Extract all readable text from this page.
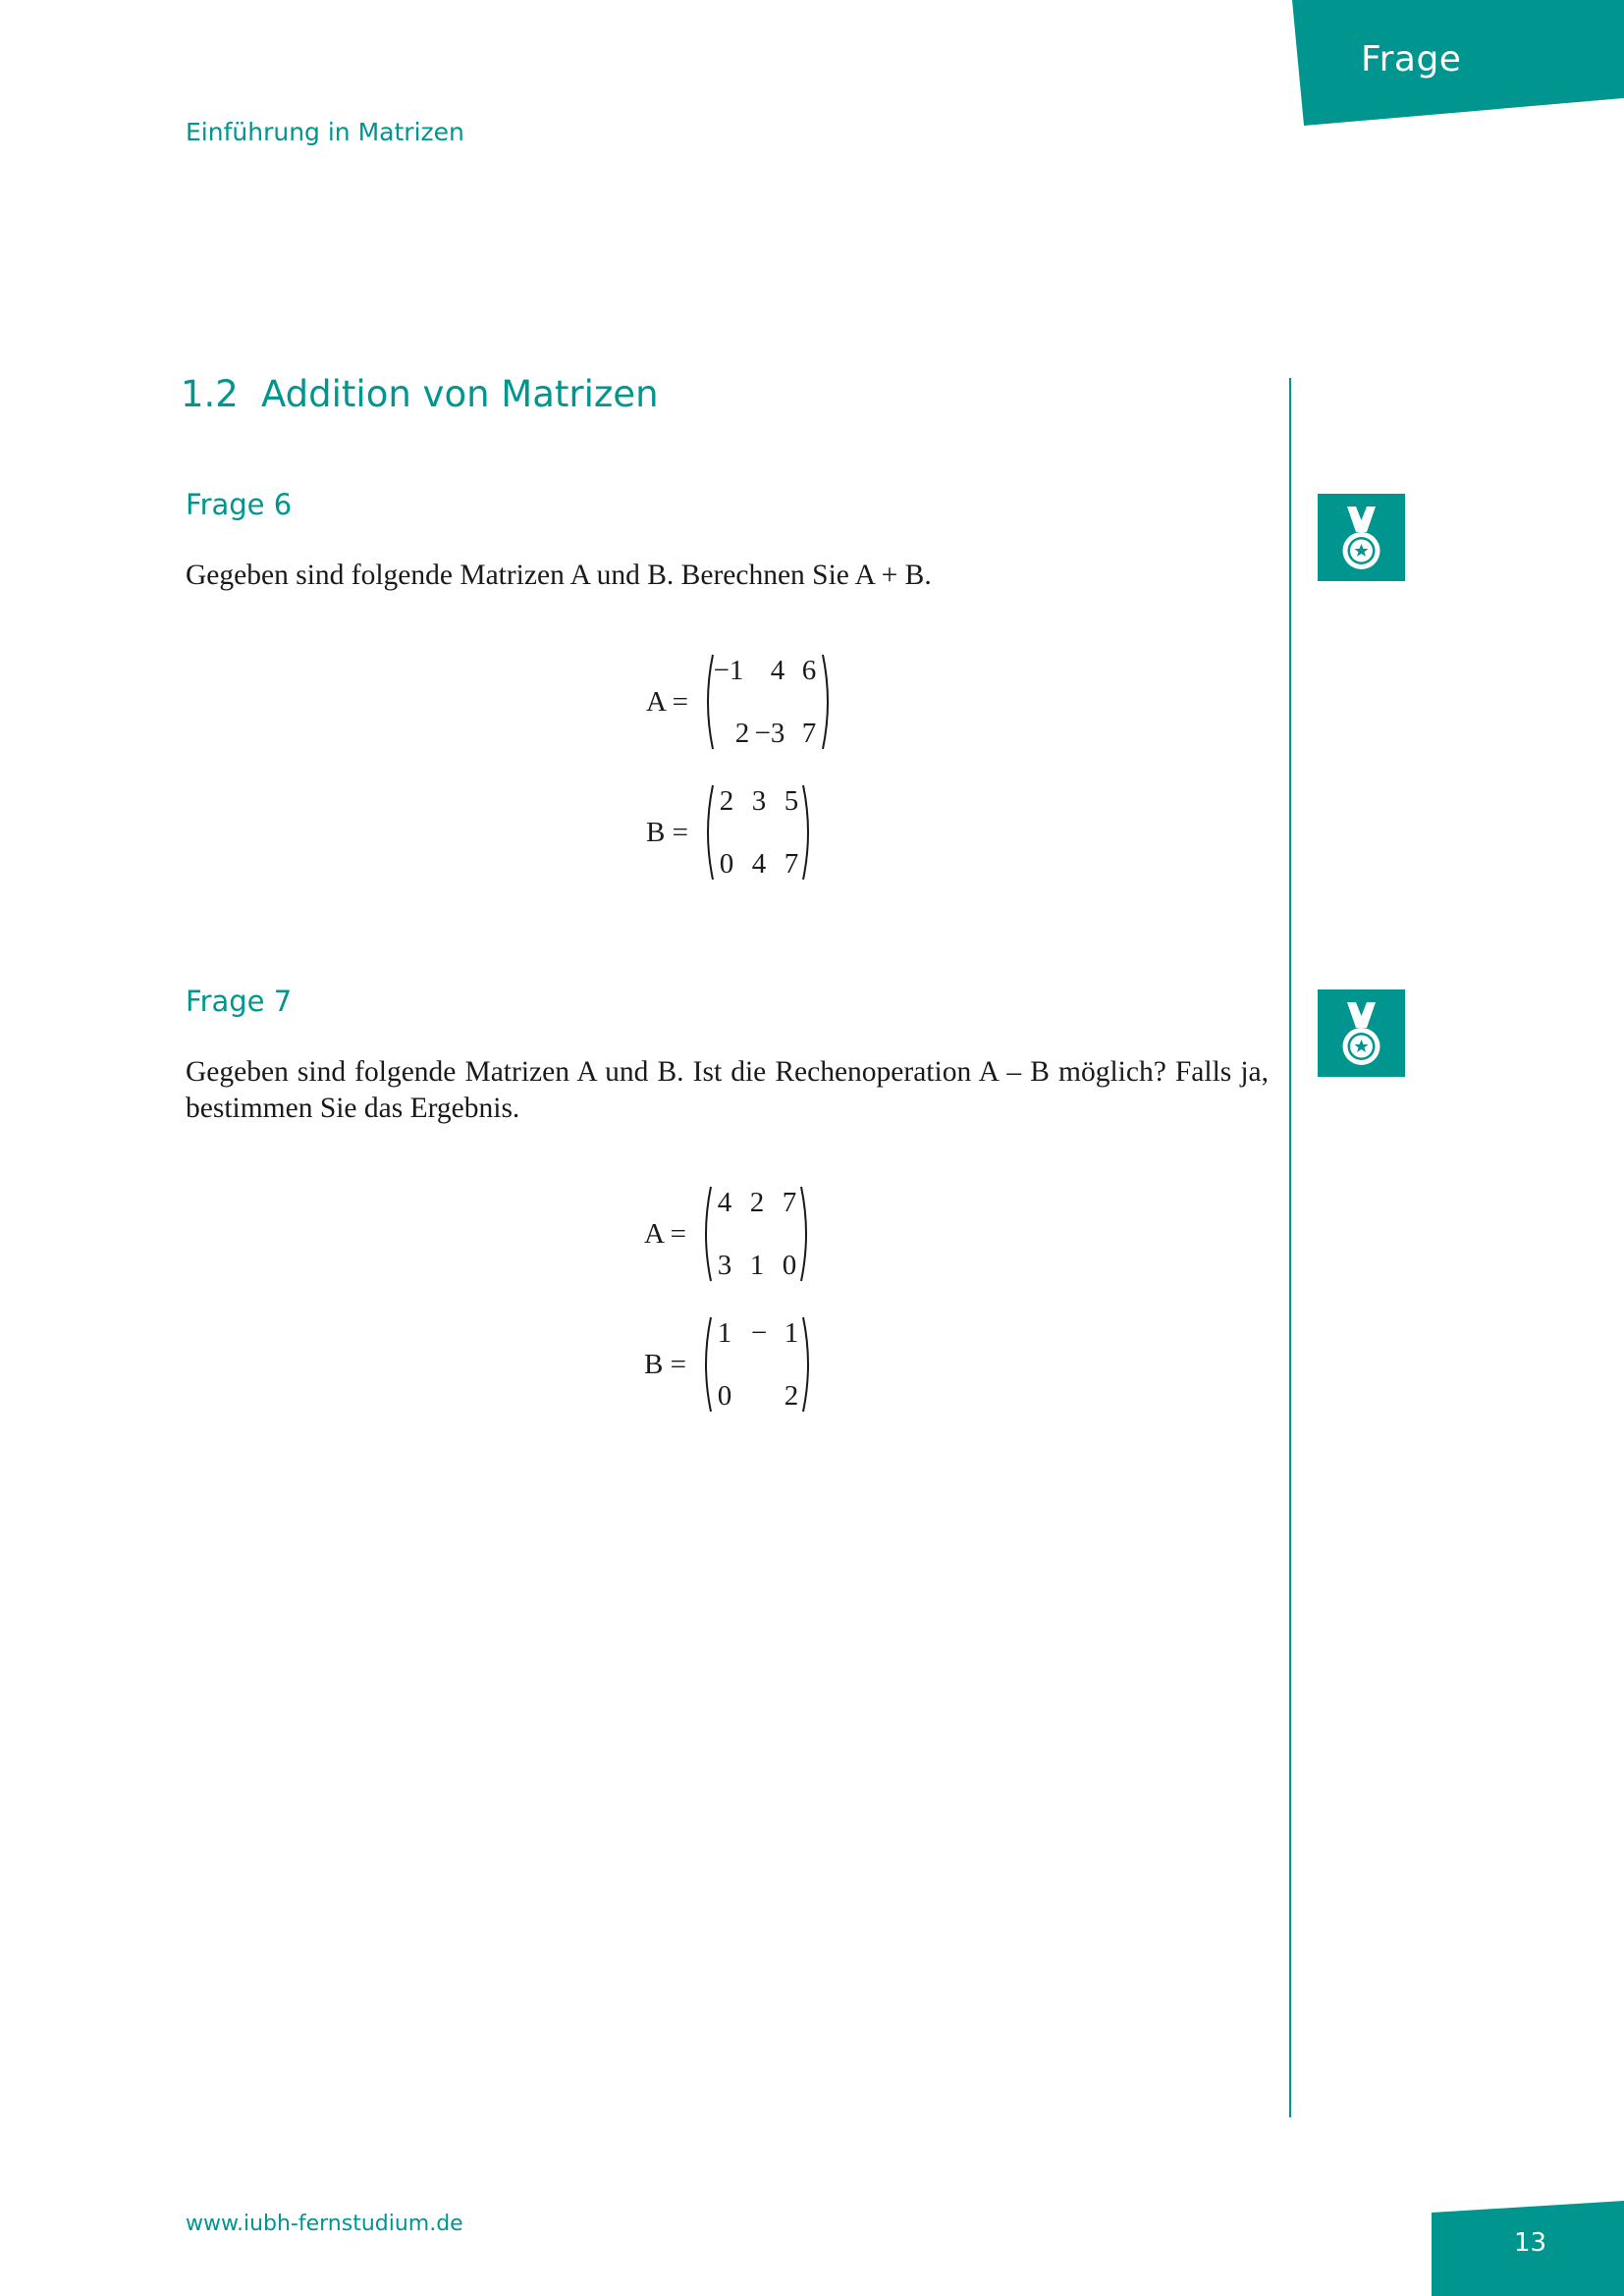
Frage
Einführung in Matrizen
1.2 Addition von Matrizen
Frage 6
Gegeben sind folgende Matrizen A und B. Berechnen Sie A + B.
A =
−1 4 6
2 −3 7
B =
2 3 5
0 4 7
Frage 7
Gegeben sind folgende Matrizen A und B. Ist die Rechenoperation A – B möglich? Falls ja, bestimmen Sie das Ergebnis.
A =
4 2 7
3 1 0
B =
1 − 1
0 2
www.iubh-fernstudium.de
13
